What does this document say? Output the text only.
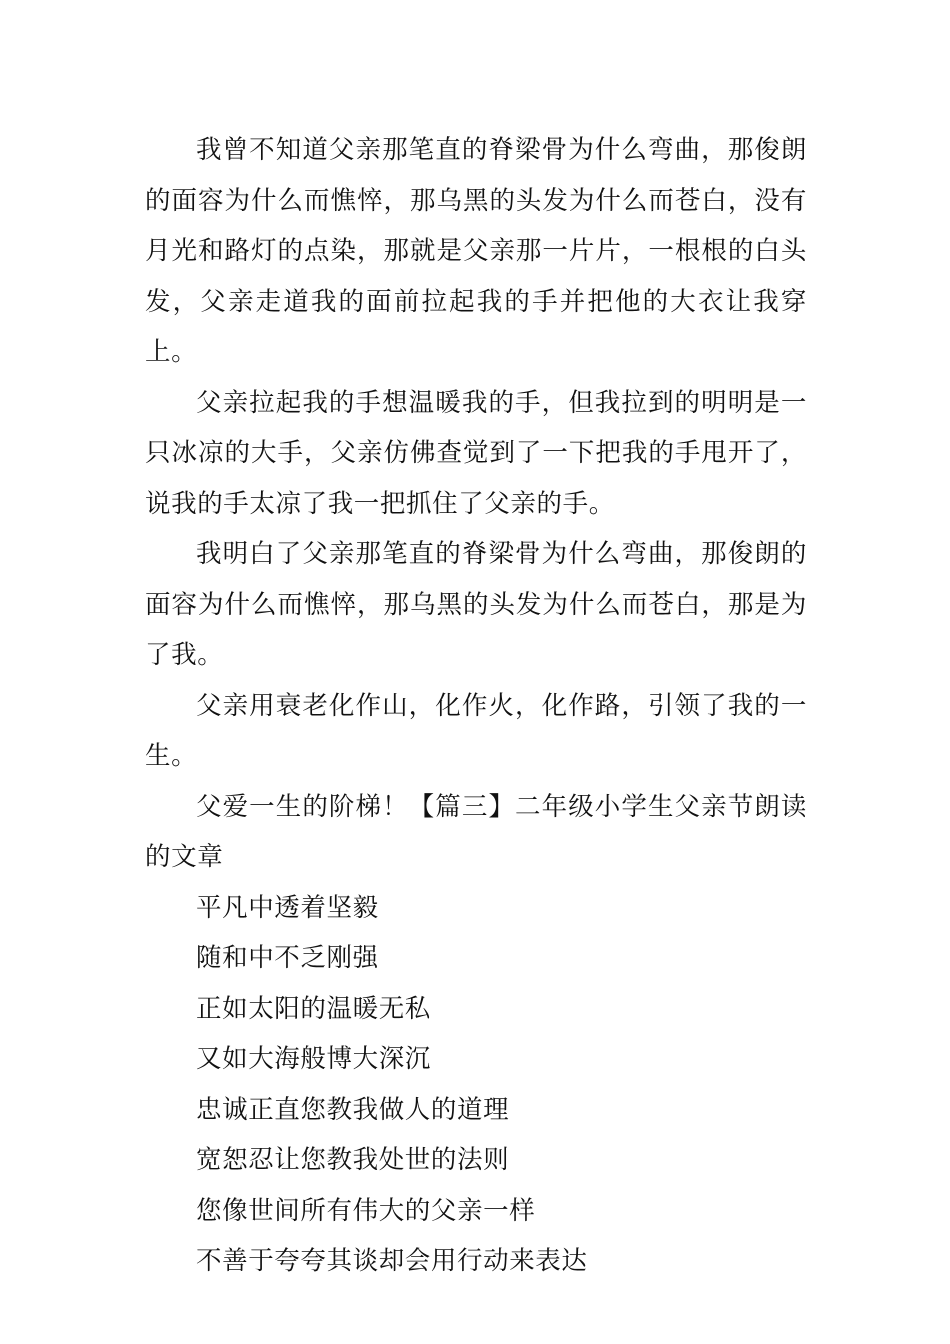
我曾不知道父亲那笔直的脊梁骨为什么弯曲，那俊朗的面容为什么而憔悴，那乌黑的头发为什么而苍白，没有月光和路灯的点染，那就是父亲那一片片，一根根的白头发，父亲走道我的面前拉起我的手并把他的大衣让我穿上。

父亲拉起我的手想温暖我的手，但我拉到的明明是一只冰凉的大手，父亲仿佛查觉到了一下把我的手甩开了，说我的手太凉了我一把抓住了父亲的手。

我明白了父亲那笔直的脊梁骨为什么弯曲，那俊朗的面容为什么而憔悴，那乌黑的头发为什么而苍白，那是为了我。

父亲用衰老化作山，化作火，化作路，引领了我的一生。

父爱一生的阶梯！【篇三】二年级小学生父亲节朗读的文章

平凡中透着坚毅

随和中不乏刚强

正如太阳的温暖无私

又如大海般博大深沉

忠诚正直您教我做人的道理

宽恕忍让您教我处世的法则

您像世间所有伟大的父亲一样

不善于夸夸其谈却会用行动来表达
